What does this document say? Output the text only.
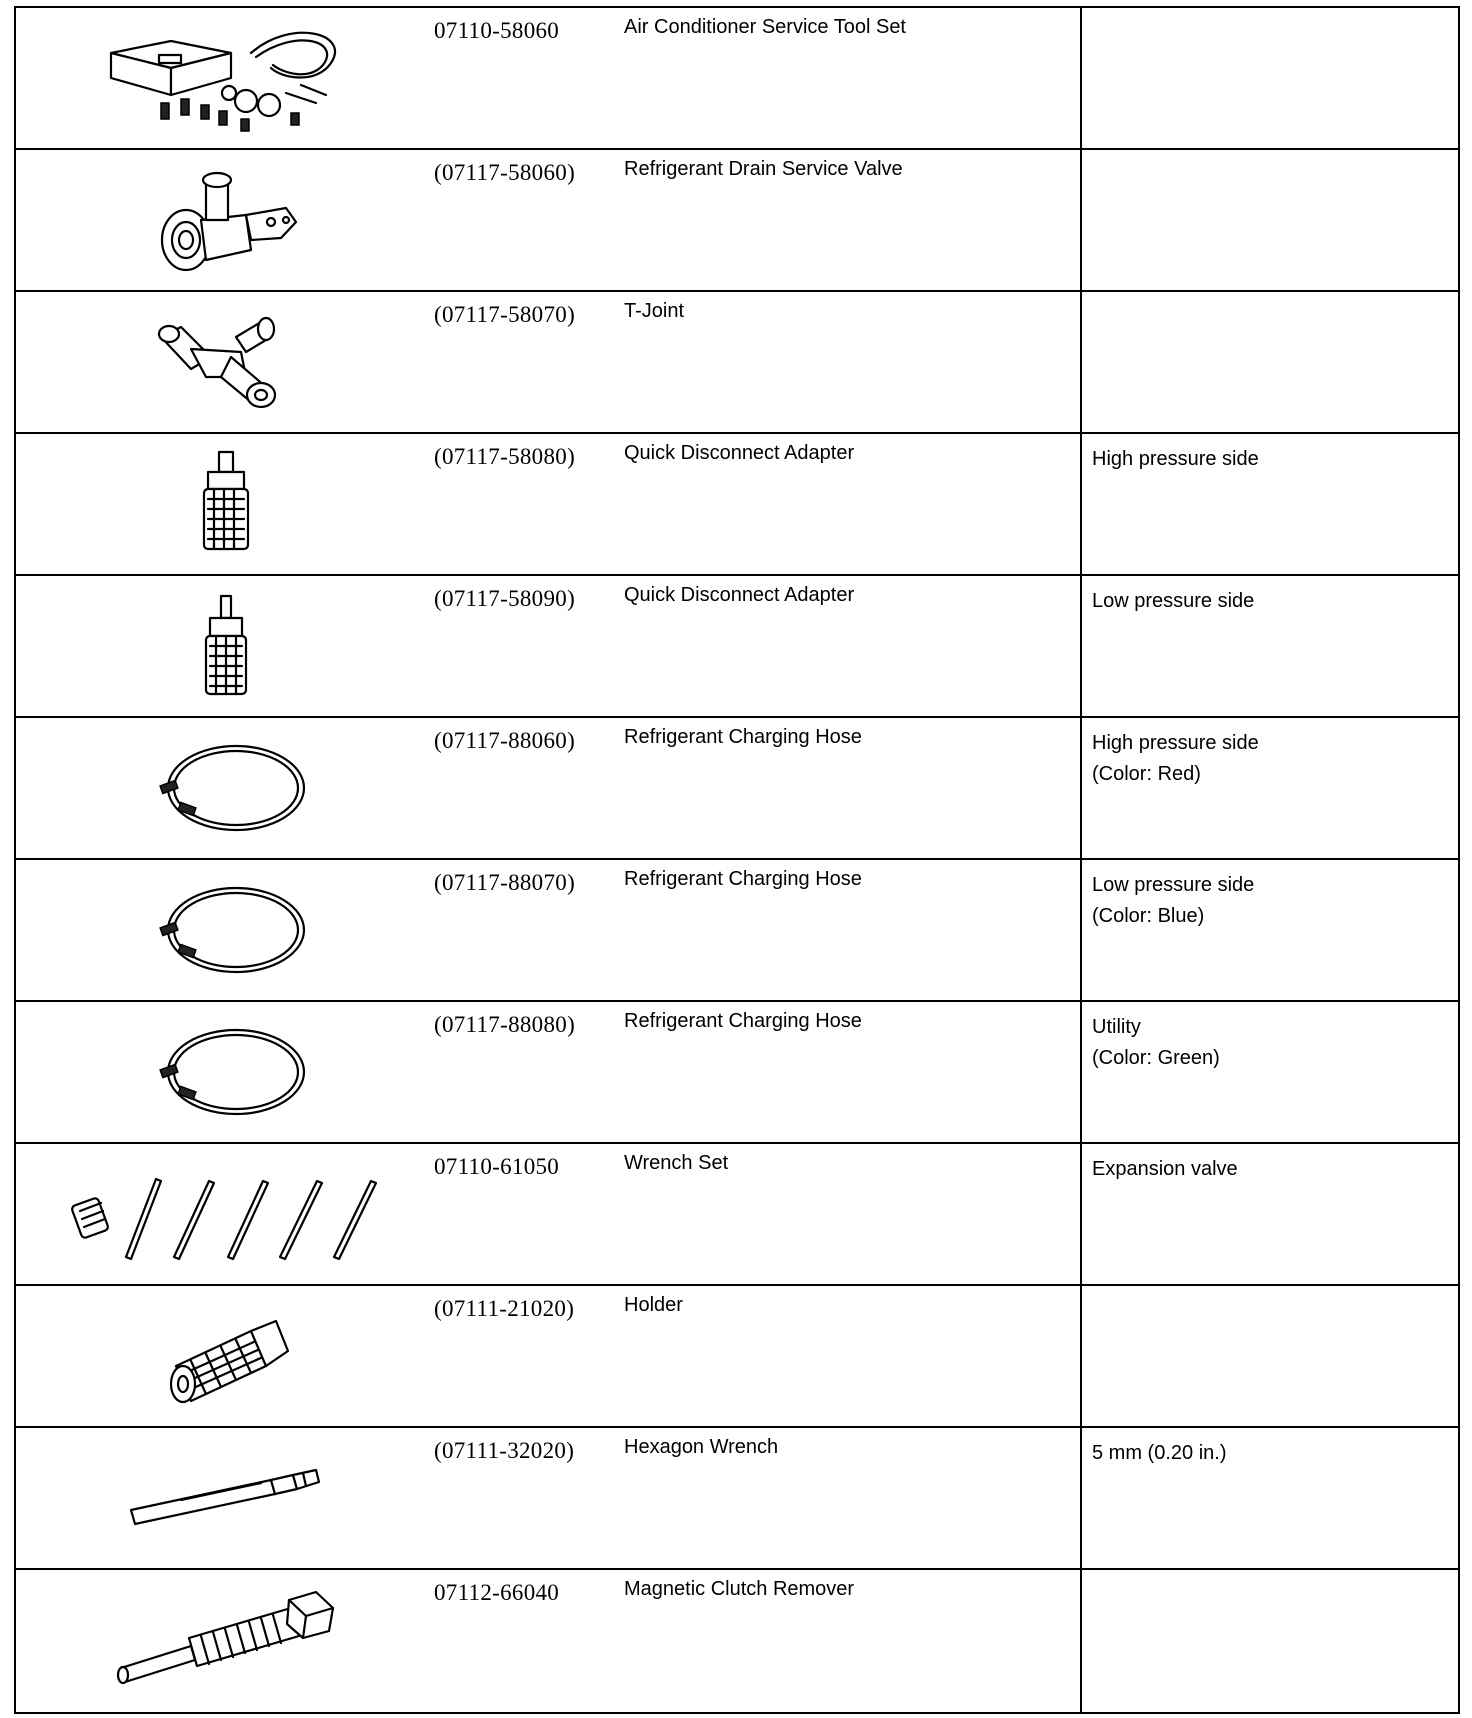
07110-58060	Air Conditioner Service Tool Set
(07117-58060) Refrigerant Drain Service Valve
(07117-58070) T-Joint
(07117-58080) Quick Disconnect Adapter	High pressure side
(07117-58090) Quick Disconnect Adapter	Low pressure side
(07117-88060) Refrigerant Charging Hose	High pressure side
(Color: Red)
(07117-88070) Refrigerant Charging Hose	Low pressure side
(Color: Blue)
(07117-88080) Refrigerant Charging Hose	Utility
(Color: Green)
07110-61050	Wrench Set	Expansion valve
(07111-21020) Holder
(07111-32020) Hexagon Wrench	5 mm (0.20 in.)
07112-66040	Magnetic Clutch Remover
